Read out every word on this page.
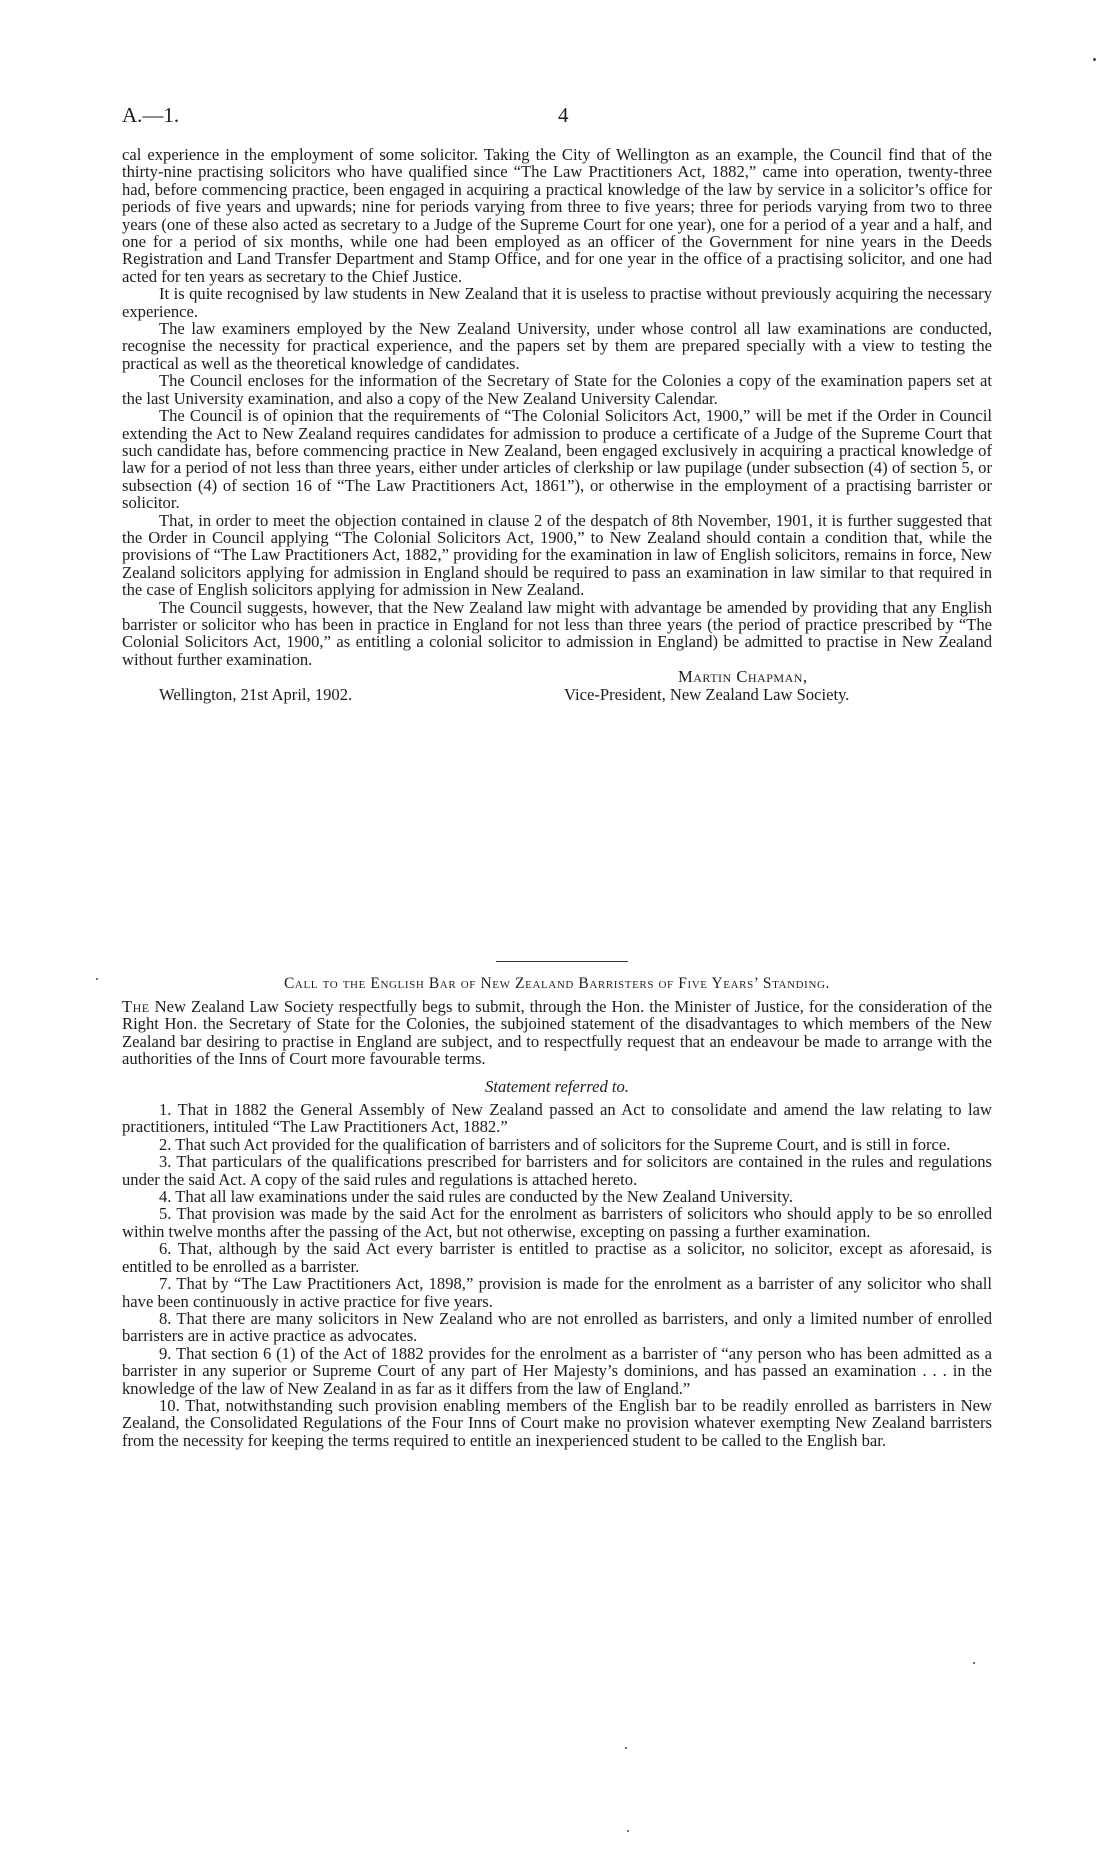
A.—1.	4

cal experience in the employment of some solicitor. Taking the City of Wellington as an example, the Council find that of the thirty-nine practising solicitors who have qualified since “The Law Practitioners Act, 1882,” came into operation, twenty-three had, before commencing practice, been engaged in acquiring a practical knowledge of the law by service in a solicitor’s office for periods of five years and upwards; nine for periods varying from three to five years; three for periods varying from two to three years (one of these also acted as secretary to a Judge of the Supreme Court for one year), one for a period of a year and a half, and one for a period of six months, while one had been employed as an officer of the Government for nine years in the Deeds Registration and Land Transfer Department and Stamp Office, and for one year in the office of a practising solicitor, and one had acted for ten years as secretary to the Chief Justice.

It is quite recognised by law students in New Zealand that it is useless to practise without previously acquiring the necessary experience.

The law examiners employed by the New Zealand University, under whose control all law examinations are conducted, recognise the necessity for practical experience, and the papers set by them are prepared specially with a view to testing the practical as well as the theoretical knowledge of candidates.

The Council encloses for the information of the Secretary of State for the Colonies a copy of the examination papers set at the last University examination, and also a copy of the New Zealand University Calendar.

The Council is of opinion that the requirements of “The Colonial Solicitors Act, 1900,” will be met if the Order in Council extending the Act to New Zealand requires candidates for admission to produce a certificate of a Judge of the Supreme Court that such candidate has, before commencing practice in New Zealand, been engaged exclusively in acquiring a practical knowledge of law for a period of not less than three years, either under articles of clerkship or law pupilage (under subsection (4) of section 5, or subsection (4) of section 16 of “The Law Practitioners Act, 1861”), or otherwise in the employment of a practising barrister or solicitor.

That, in order to meet the objection contained in clause 2 of the despatch of 8th November, 1901, it is further suggested that the Order in Council applying “The Colonial Solicitors Act, 1900,” to New Zealand should contain a condition that, while the provisions of “The Law Practitioners Act, 1882,” providing for the examination in law of English solicitors, remains in force, New Zealand solicitors applying for admission in England should be required to pass an examination in law similar to that required in the case of English solicitors applying for admission in New Zealand.

The Council suggests, however, that the New Zealand law might with advantage be amended by providing that any English barrister or solicitor who has been in practice in England for not less than three years (the period of practice prescribed by “The Colonial Solicitors Act, 1900,” as entitling a colonial solicitor to admission in England) be admitted to practise in New Zealand without further examination.

Martin Chapman,
Wellington, 21st April, 1902.	Vice-President, New Zealand Law Society.
Call to the English Bar of New Zealand Barristers of Five Years’ Standing.

The New Zealand Law Society respectfully begs to submit, through the Hon. the Minister of Justice, for the consideration of the Right Hon. the Secretary of State for the Colonies, the subjoined statement of the disadvantages to which members of the New Zealand bar desiring to practise in England are subject, and to respectfully request that an endeavour be made to arrange with the authorities of the Inns of Court more favourable terms.

Statement referred to.

1. That in 1882 the General Assembly of New Zealand passed an Act to consolidate and amend the law relating to law practitioners, intituled “The Law Practitioners Act, 1882.”

2. That such Act provided for the qualification of barristers and of solicitors for the Supreme Court, and is still in force.

3. That particulars of the qualifications prescribed for barristers and for solicitors are contained in the rules and regulations under the said Act. A copy of the said rules and regulations is attached hereto.

4. That all law examinations under the said rules are conducted by the New Zealand University.

5. That provision was made by the said Act for the enrolment as barristers of solicitors who should apply to be so enrolled within twelve months after the passing of the Act, but not otherwise, excepting on passing a further examination.

6. That, although by the said Act every barrister is entitled to practise as a solicitor, no solicitor, except as aforesaid, is entitled to be enrolled as a barrister.

7. That by “The Law Practitioners Act, 1898,” provision is made for the enrolment as a barrister of any solicitor who shall have been continuously in active practice for five years.

8. That there are many solicitors in New Zealand who are not enrolled as barristers, and only a limited number of enrolled barristers are in active practice as advocates.

9. That section 6 (1) of the Act of 1882 provides for the enrolment as a barrister of “any person who has been admitted as a barrister in any superior or Supreme Court of any part of Her Majesty’s dominions, and has passed an examination . . . in the knowledge of the law of New Zealand in as far as it differs from the law of England.”

10. That, notwithstanding such provision enabling members of the English bar to be readily enrolled as barristers in New Zealand, the Consolidated Regulations of the Four Inns of Court make no provision whatever exempting New Zealand barristers from the necessity for keeping the terms required to entitle an inexperienced student to be called to the English bar.
